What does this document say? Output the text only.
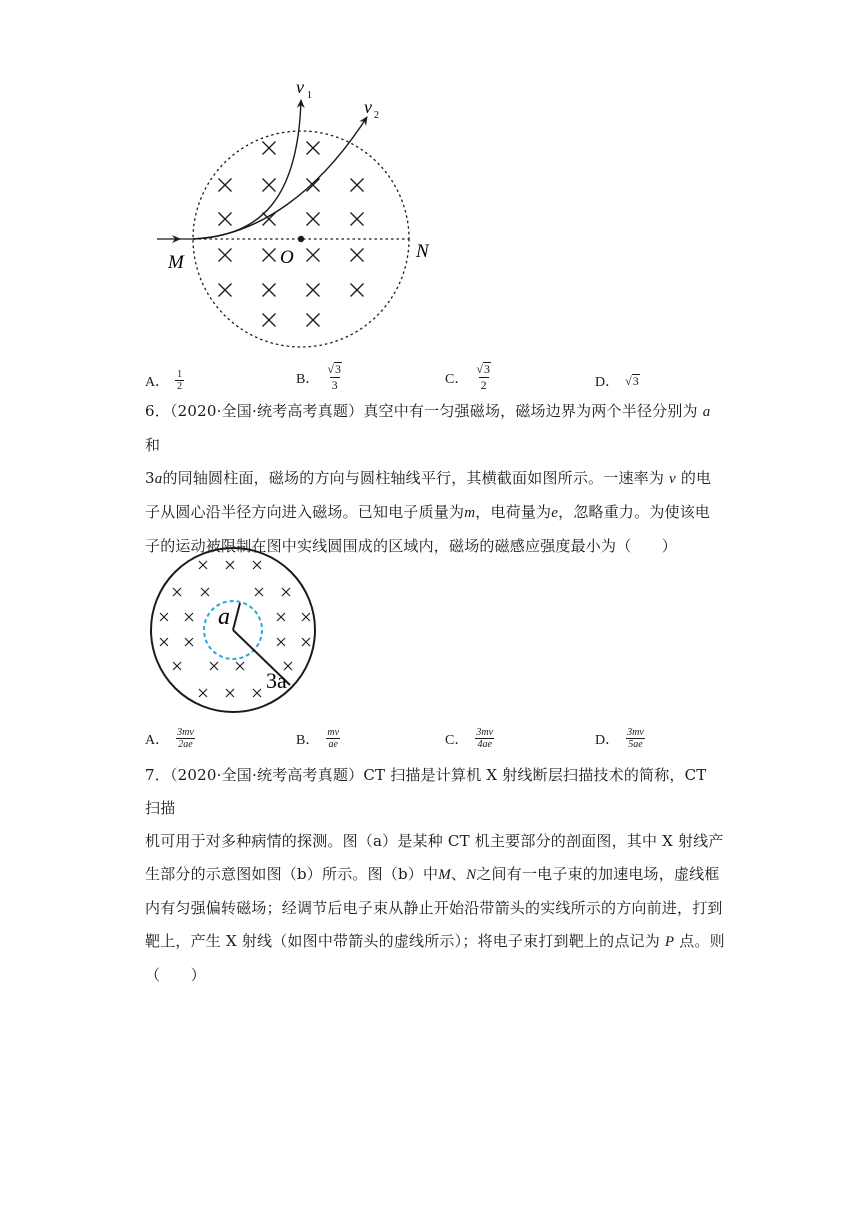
v 1
v 2
M	O	N
A． $\frac{1}{2}$	B． $\frac{√ 3}{3}$	C． $\frac{√ 3}{2}$	D． √ 3
6．（2020·全国·统考高考真题）真空中有一匀强磁场，磁场边界为两个半径分别为 a 和
3a的同轴圆柱面，磁场的方向与圆柱轴线平行，其横截面如图所示。一速率为 v 的电
子从圆心沿半径方向进入磁场。已知电子质量为m，电荷量为e，忽略重力。为使该电
子的运动被限制在图中实线圆围成的区域内，磁场的磁感应强度最小为（　　）
a
3a
A． $\frac{3mv}{2ae}$	B． $\frac{mv}{ae}$	C． $\frac{3mv}{4ae}$	D． $\frac{3mv}{5ae}$
7．（2020·全国·统考高考真题）CT 扫描是计算机 X 射线断层扫描技术的简称，CT 扫描
机可用于对多种病情的探测。图（a）是某种 CT 机主要部分的剖面图，其中 X 射线产
生部分的示意图如图（b）所示。图（b）中M、N之间有一电子束的加速电场，虚线框
内有匀强偏转磁场；经调节后电子束从静止开始沿带箭头的实线所示的方向前进，打到
靶上，产生 X 射线（如图中带箭头的虚线所示）；将电子束打到靶上的点记为 P 点。则
（　　）
